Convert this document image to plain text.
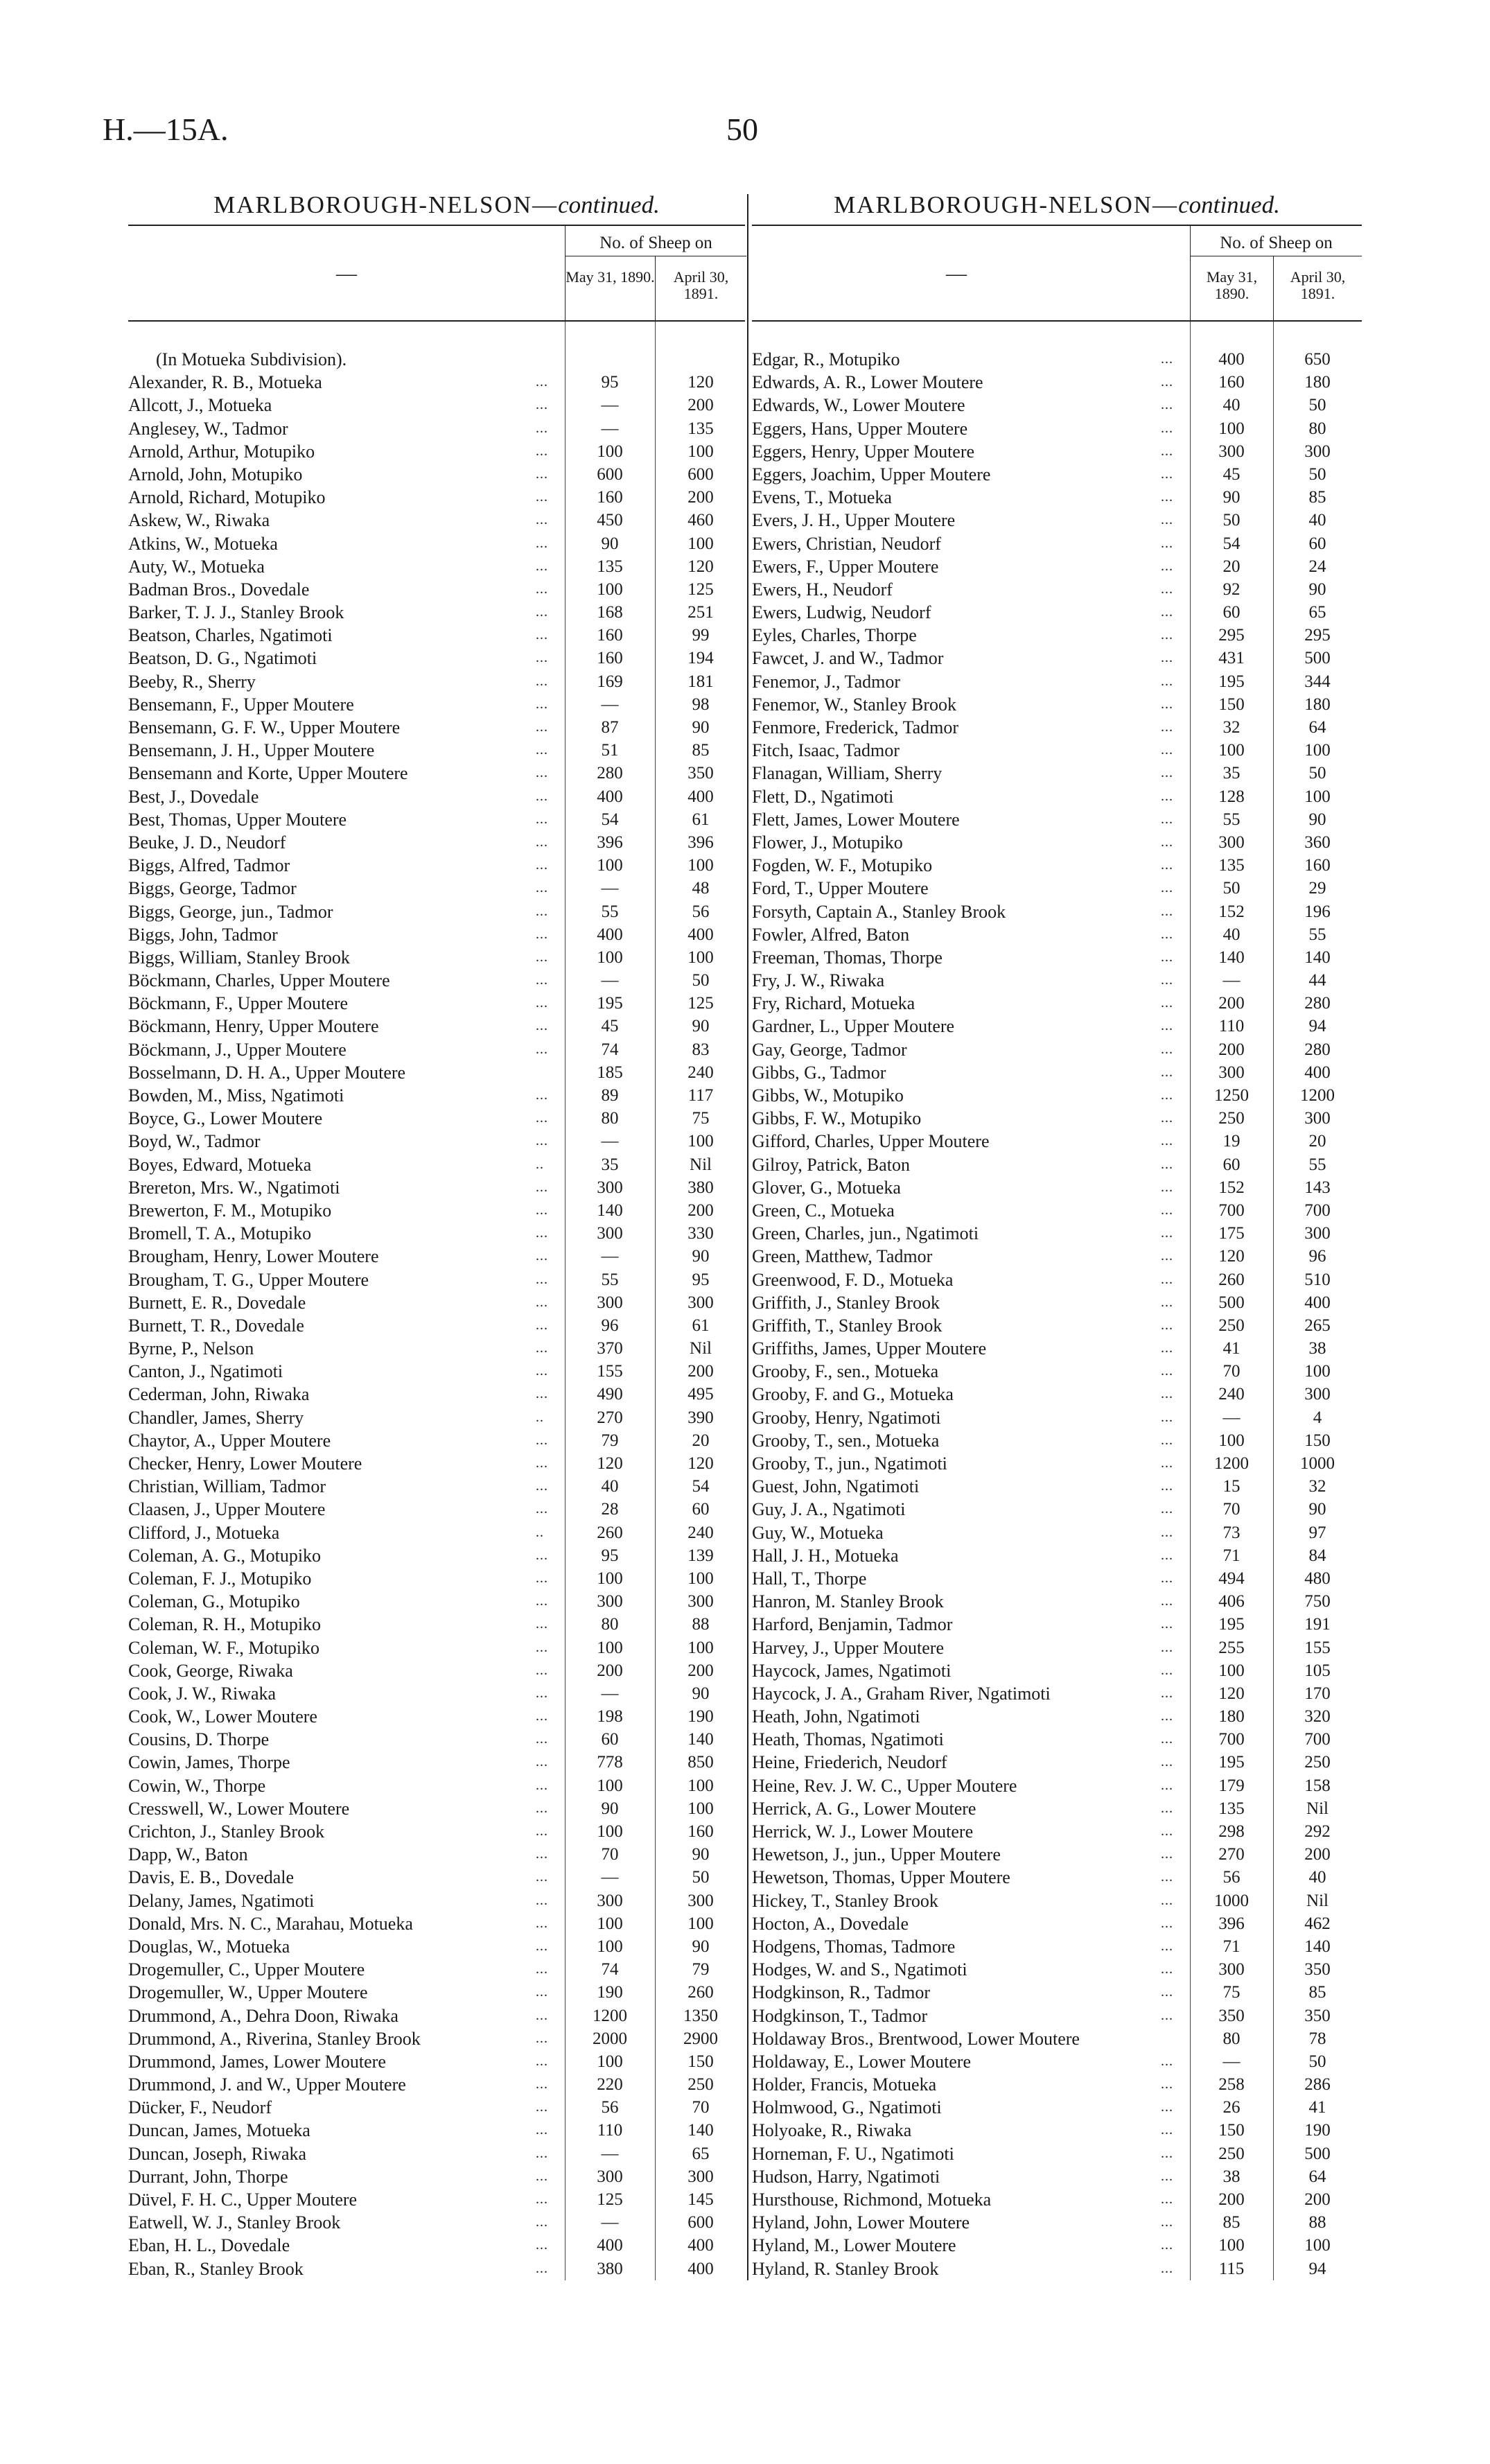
H.—15A.	50
MARLBOROUGH-NELSON—continued.
—
No. of Sheep on
May 31, 1890.	April 30, 1891.
(In Motueka Subdivision).
Alexander, R. B., Motueka	...	95	120
Allcott, J., Motueka	...	—	200
Anglesey, W., Tadmor	...	—	135
Arnold, Arthur, Motupiko	...	100	100
Arnold, John, Motupiko	...	600	600
Arnold, Richard, Motupiko	...	160	200
Askew, W., Riwaka	...	450	460
Atkins, W., Motueka	...	90	100
Auty, W., Motueka	...	135	120
Badman Bros., Dovedale	...	100	125
Barker, T. J. J., Stanley Brook	...	168	251
Beatson, Charles, Ngatimoti	...	160	99
Beatson, D. G., Ngatimoti	...	160	194
Beeby, R., Sherry	...	169	181
Bensemann, F., Upper Moutere	...	—	98
Bensemann, G. F. W., Upper Moutere	...	87	90
Bensemann, J. H., Upper Moutere	...	51	85
Bensemann and Korte, Upper Moutere	...	280	350
Best, J., Dovedale	...	400	400
Best, Thomas, Upper Moutere	...	54	61
Beuke, J. D., Neudorf	...	396	396
Biggs, Alfred, Tadmor	...	100	100
Biggs, George, Tadmor	...	—	48
Biggs, George, jun., Tadmor	...	55	56
Biggs, John, Tadmor	...	400	400
Biggs, William, Stanley Brook	...	100	100
Böckmann, Charles, Upper Moutere	...	—	50
Böckmann, F., Upper Moutere	...	195	125
Böckmann, Henry, Upper Moutere	...	45	90
Böckmann, J., Upper Moutere	...	74	83
Bosselmann, D. H. A., Upper Moutere	185	240
Bowden, M., Miss, Ngatimoti	...	89	117
Boyce, G., Lower Moutere	...	80	75
Boyd, W., Tadmor	...	—	100
Boyes, Edward, Motueka	..	35	Nil
Brereton, Mrs. W., Ngatimoti	...	300	380
Brewerton, F. M., Motupiko	...	140	200
Bromell, T. A., Motupiko	...	300	330
Brougham, Henry, Lower Moutere	...	—	90
Brougham, T. G., Upper Moutere	...	55	95
Burnett, E. R., Dovedale	...	300	300
Burnett, T. R., Dovedale	...	96	61
Byrne, P., Nelson	...	370	Nil
Canton, J., Ngatimoti	...	155	200
Cederman, John, Riwaka	...	490	495
Chandler, James, Sherry	..	270	390
Chaytor, A., Upper Moutere	...	79	20
Checker, Henry, Lower Moutere	...	120	120
Christian, William, Tadmor	...	40	54
Claasen, J., Upper Moutere	...	28	60
Clifford, J., Motueka	..	260	240
Coleman, A. G., Motupiko	...	95	139
Coleman, F. J., Motupiko	...	100	100
Coleman, G., Motupiko	...	300	300
Coleman, R. H., Motupiko	...	80	88
Coleman, W. F., Motupiko	...	100	100
Cook, George, Riwaka	...	200	200
Cook, J. W., Riwaka	...	—	90
Cook, W., Lower Moutere	...	198	190
Cousins, D. Thorpe	...	60	140
Cowin, James, Thorpe	...	778	850
Cowin, W., Thorpe	...	100	100
Cresswell, W., Lower Moutere	...	90	100
Crichton, J., Stanley Brook	...	100	160
Dapp, W., Baton	...	70	90
Davis, E. B., Dovedale	...	—	50
Delany, James, Ngatimoti	...	300	300
Donald, Mrs. N. C., Marahau, Motueka	...	100	100
Douglas, W., Motueka	...	100	90
Drogemuller, C., Upper Moutere	...	74	79
Drogemuller, W., Upper Moutere	...	190	260
Drummond, A., Dehra Doon, Riwaka	...	1200	1350
Drummond, A., Riverina, Stanley Brook	...	2000	2900
Drummond, James, Lower Moutere	...	100	150
Drummond, J. and W., Upper Moutere	...	220	250
Dücker, F., Neudorf	...	56	70
Duncan, James, Motueka	...	110	140
Duncan, Joseph, Riwaka	...	—	65
Durrant, John, Thorpe	...	300	300
Düvel, F. H. C., Upper Moutere	...	125	145
Eatwell, W. J., Stanley Brook	...	—	600
Eban, H. L., Dovedale	...	400	400
Eban, R., Stanley Brook	...	380	400
MARLBOROUGH-NELSON—continued.
—
No. of Sheep on
May 31, 1890.
April 30, 1891.
Edgar, R., Motupiko	...	400	650
Edwards, A. R., Lower Moutere	...	160	180
Edwards, W., Lower Moutere	...	40	50
Eggers, Hans, Upper Moutere	...	100	80
Eggers, Henry, Upper Moutere	...	300	300
Eggers, Joachim, Upper Moutere	...	45	50
Evens, T., Motueka	...	90	85
Evers, J. H., Upper Moutere	...	50	40
Ewers, Christian, Neudorf	...	54	60
Ewers, F., Upper Moutere	...	20	24
Ewers, H., Neudorf	...	92	90
Ewers, Ludwig, Neudorf	...	60	65
Eyles, Charles, Thorpe	...	295	295
Fawcet, J. and W., Tadmor	...	431	500
Fenemor, J., Tadmor	...	195	344
Fenemor, W., Stanley Brook	...	150	180
Fenmore, Frederick, Tadmor	...	32	64
Fitch, Isaac, Tadmor	...	100	100
Flanagan, William, Sherry	...	35	50
Flett, D., Ngatimoti	...	128	100
Flett, James, Lower Moutere	...	55	90
Flower, J., Motupiko	...	300	360
Fogden, W. F., Motupiko	...	135	160
Ford, T., Upper Moutere	...	50	29
Forsyth, Captain A., Stanley Brook	...	152	196
Fowler, Alfred, Baton	...	40	55
Freeman, Thomas, Thorpe	...	140	140
Fry, J. W., Riwaka	...	—	44
Fry, Richard, Motueka	...	200	280
Gardner, L., Upper Moutere	...	110	94
Gay, George, Tadmor	...	200	280
Gibbs, G., Tadmor	...	300	400
Gibbs, W., Motupiko	...	1250	1200
Gibbs, F. W., Motupiko	...	250	300
Gifford, Charles, Upper Moutere	...	19	20
Gilroy, Patrick, Baton	...	60	55
Glover, G., Motueka	...	152	143
Green, C., Motueka	...	700	700
Green, Charles, jun., Ngatimoti	...	175	300
Green, Matthew, Tadmor	...	120	96
Greenwood, F. D., Motueka	...	260	510
Griffith, J., Stanley Brook	...	500	400
Griffith, T., Stanley Brook	...	250	265
Griffiths, James, Upper Moutere	...	41	38
Grooby, F., sen., Motueka	...	70	100
Grooby, F. and G., Motueka	...	240	300
Grooby, Henry, Ngatimoti	...	—	4
Grooby, T., sen., Motueka	...	100	150
Grooby, T., jun., Ngatimoti	...	1200	1000
Guest, John, Ngatimoti	...	15	32
Guy, J. A., Ngatimoti	...	70	90
Guy, W., Motueka	...	73	97
Hall, J. H., Motueka	...	71	84
Hall, T., Thorpe	...	494	480
Hanron, M. Stanley Brook	...	406	750
Harford, Benjamin, Tadmor	...	195	191
Harvey, J., Upper Moutere	...	255	155
Haycock, James, Ngatimoti	...	100	105
Haycock, J. A., Graham River, Ngatimoti	...	120	170
Heath, John, Ngatimoti	...	180	320
Heath, Thomas, Ngatimoti	...	700	700
Heine, Friederich, Neudorf	...	195	250
Heine, Rev. J. W. C., Upper Moutere	...	179	158
Herrick, A. G., Lower Moutere	...	135	Nil
Herrick, W. J., Lower Moutere	...	298	292
Hewetson, J., jun., Upper Moutere	...	270	200
Hewetson, Thomas, Upper Moutere	...	56	40
Hickey, T., Stanley Brook	...	1000	Nil
Hocton, A., Dovedale	...	396	462
Hodgens, Thomas, Tadmore	...	71	140
Hodges, W. and S., Ngatimoti	...	300	350
Hodgkinson, R., Tadmor	...	75	85
Hodgkinson, T., Tadmor	...	350	350
Holdaway Bros., Brentwood, Lower Moutere	80	78
Holdaway, E., Lower Moutere	...	—	50
Holder, Francis, Motueka	...	258	286
Holmwood, G., Ngatimoti	...	26	41
Holyoake, R., Riwaka	...	150	190
Horneman, F. U., Ngatimoti	...	250	500
Hudson, Harry, Ngatimoti	...	38	64
Hursthouse, Richmond, Motueka	...	200	200
Hyland, John, Lower Moutere	...	85	88
Hyland, M., Lower Moutere	...	100	100
Hyland, R. Stanley Brook	...	115	94
